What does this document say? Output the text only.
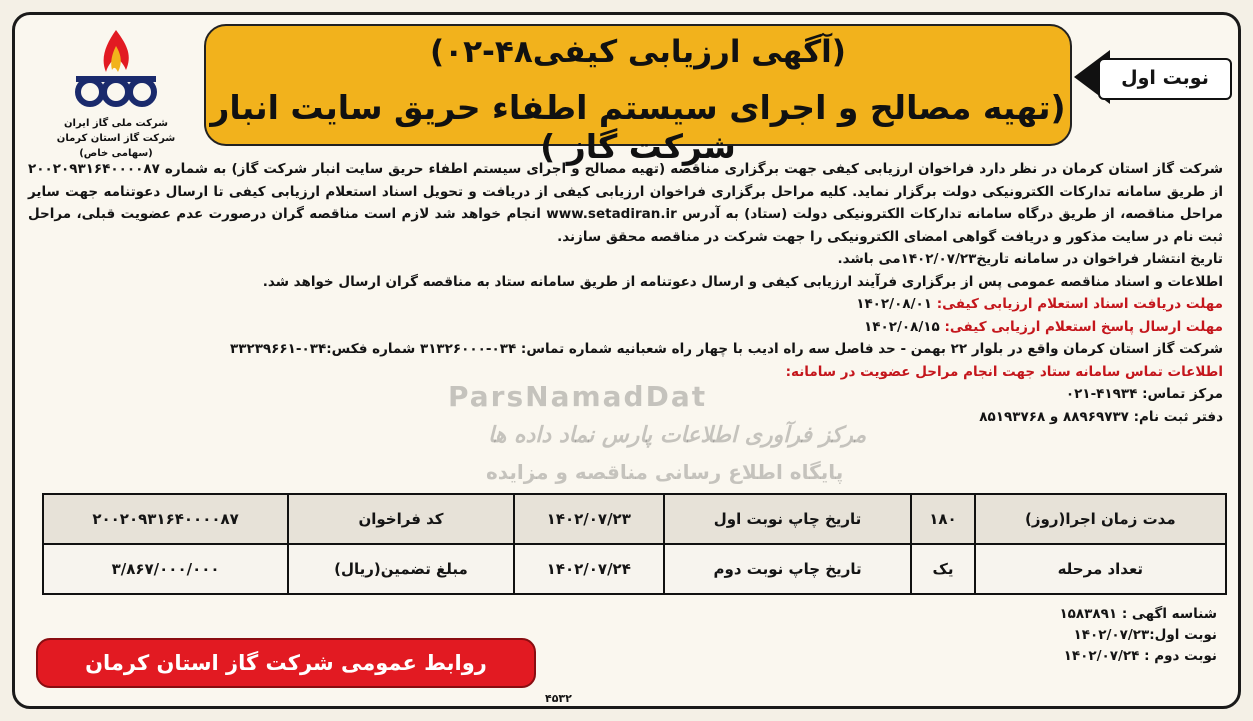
شرکت ملی گاز ایران
شرکت گاز استان کرمان
(سهامی خاص)
(آگهی ارزیابی کیفی۴۸-۰۲)
(تهیه مصالح و اجرای سیستم اطفاء حریق سایت انبار شرکت گاز )
نوبت اول
ParsNamadDat
مرکز فرآوری اطلاعات پارس نماد داده ها
پایگاه اطلاع رسانی مناقصه و مزایده

شرکت گاز استان کرمان در نظر دارد فراخوان ارزیابی کیفی جهت برگزاری مناقصه (تهیه مصالح و اجرای سیستم اطفاء حریق سایت انبار شرکت گاز) به شماره ۲۰۰۲۰۹۳۱۶۴۰۰۰۰۸۷ از طریق سامانه تدارکات الکترونیکی دولت برگزار نماید. کلیه مراحل برگزاری فراخوان ارزیابی کیفی از دریافت و تحویل اسناد استعلام ارزیابی کیفی تا ارسال دعوتنامه جهت سایر مراحل مناقصه، از طریق درگاه سامانه تدارکات الکترونیکی دولت (ستاد) به آدرس www.setadiran.ir انجام خواهد شد لازم است مناقصه گران درصورت عدم عضویت قبلی، مراحل ثبت نام در سایت مذکور و دریافت گواهی امضای الکترونیکی را جهت شرکت در مناقصه محقق سازند.

تاریخ انتشار فراخوان در سامانه تاریخ۱۴۰۲/۰۷/۲۳می باشد.

اطلاعات و اسناد مناقصه عمومی پس از برگزاری فرآیند ارزیابی کیفی و ارسال دعوتنامه از طریق سامانه ستاد به مناقصه گران ارسال خواهد شد.

مهلت دریافت اسناد استعلام ارزیابی کیفی: ۱۴۰۲/۰۸/۰۱

مهلت ارسال پاسخ استعلام ارزیابی کیفی: ۱۴۰۲/۰۸/۱۵

شرکت گاز استان کرمان واقع در بلوار ۲۲ بهمن - حد فاصل سه راه ادیب با چهار راه شعبانیه شماره تماس: ۰۳۴-۳۱۳۲۶۰۰۰ شماره فکس:۰۳۴-۳۳۲۳۹۶۶۱

اطلاعات تماس سامانه ستاد جهت انجام مراحل عضویت در سامانه:

مرکز تماس: ۴۱۹۳۴-۰۲۱

دفتر ثبت نام: ۸۸۹۶۹۷۳۷ و ۸۵۱۹۳۷۶۸

مدت زمان اجرا(روز)	۱۸۰	تاریخ چاپ نوبت اول	۱۴۰۲/۰۷/۲۳	کد فراخوان	۲۰۰۲۰۹۳۱۶۴۰۰۰۰۸۷
تعداد مرحله	یک	تاریخ چاپ نوبت دوم	۱۴۰۲/۰۷/۲۴	مبلغ تضمین(ریال)	۳/۸۶۷/۰۰۰/۰۰۰
شناسه اگهی : ۱۵۸۳۸۹۱
نوبت اول:۱۴۰۲/۰۷/۲۳
نوبت دوم : ۱۴۰۲/۰۷/۲۴
روابط عمومی شرکت گاز استان کرمان
۴۵۳۲
